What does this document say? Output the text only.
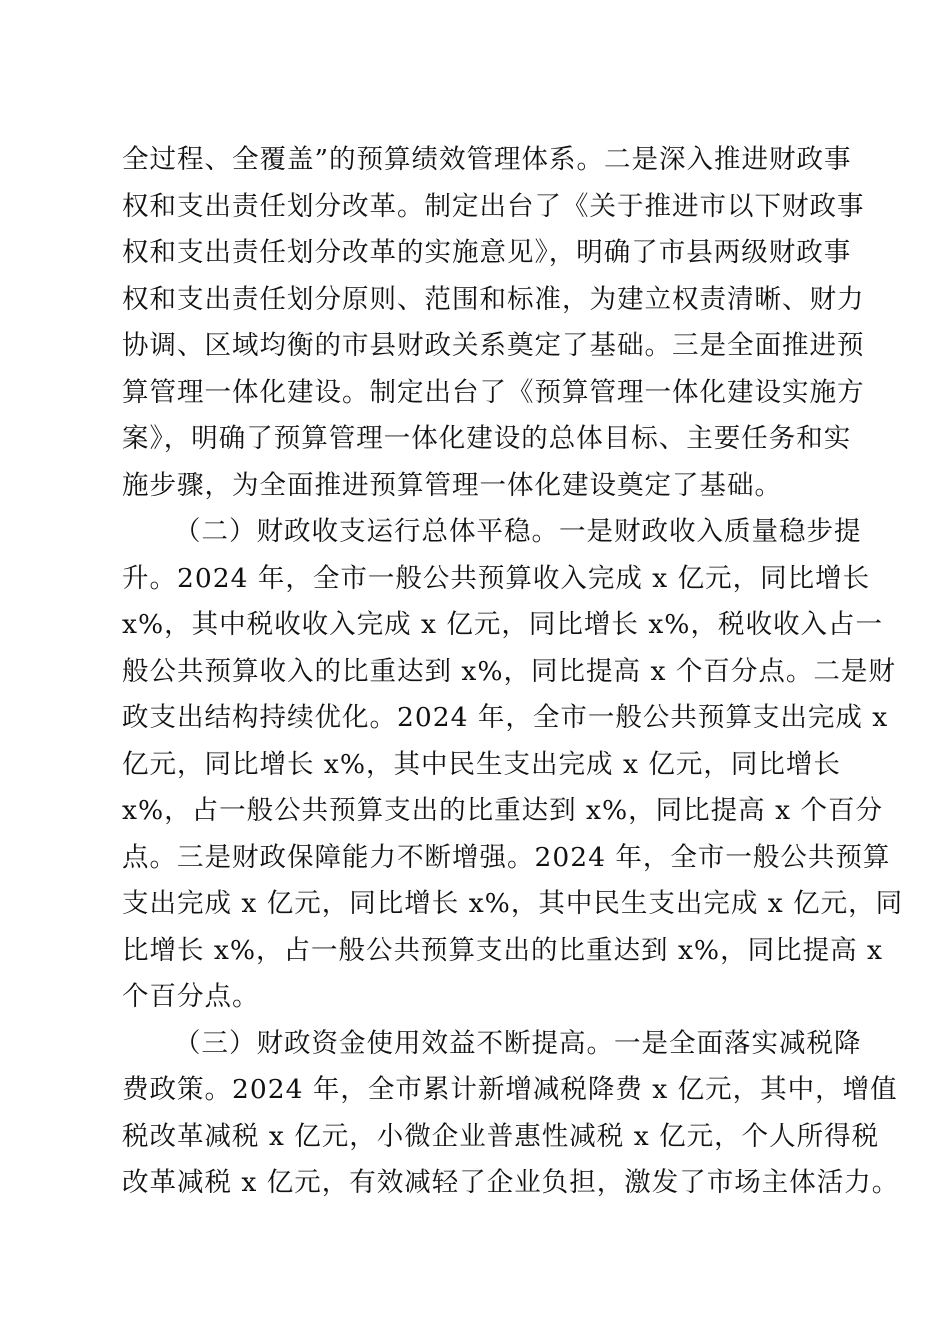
全过程、全覆盖”的预算绩效管理体系。二是深入推进财政事
权和支出责任划分改革。制定出台了《关于推进市以下财政事
权和支出责任划分改革的实施意见》，明确了市县两级财政事
权和支出责任划分原则、范围和标准，为建立权责清晰、财力
协调、区域均衡的市县财政关系奠定了基础。三是全面推进预
算管理一体化建设。制定出台了《预算管理一体化建设实施方
案》，明确了预算管理一体化建设的总体目标、主要任务和实
施步骤，为全面推进预算管理一体化建设奠定了基础。
（二）财政收支运行总体平稳。一是财政收入质量稳步提
升。2024 年，全市一般公共预算收入完成 x 亿元，同比增长
x%，其中税收收入完成 x 亿元，同比增长 x%，税收收入占一
般公共预算收入的比重达到 x%，同比提高 x 个百分点。二是财
政支出结构持续优化。2024 年，全市一般公共预算支出完成 x
亿元，同比增长 x%，其中民生支出完成 x 亿元，同比增长
x%，占一般公共预算支出的比重达到 x%，同比提高 x 个百分
点。三是财政保障能力不断增强。2024 年，全市一般公共预算
支出完成 x 亿元，同比增长 x%，其中民生支出完成 x 亿元，同
比增长 x%，占一般公共预算支出的比重达到 x%，同比提高 x
个百分点。
（三）财政资金使用效益不断提高。一是全面落实减税降
费政策。2024 年，全市累计新增减税降费 x 亿元，其中，增值
税改革减税 x 亿元，小微企业普惠性减税 x 亿元，个人所得税
改革减税 x 亿元，有效减轻了企业负担，激发了市场主体活力。
